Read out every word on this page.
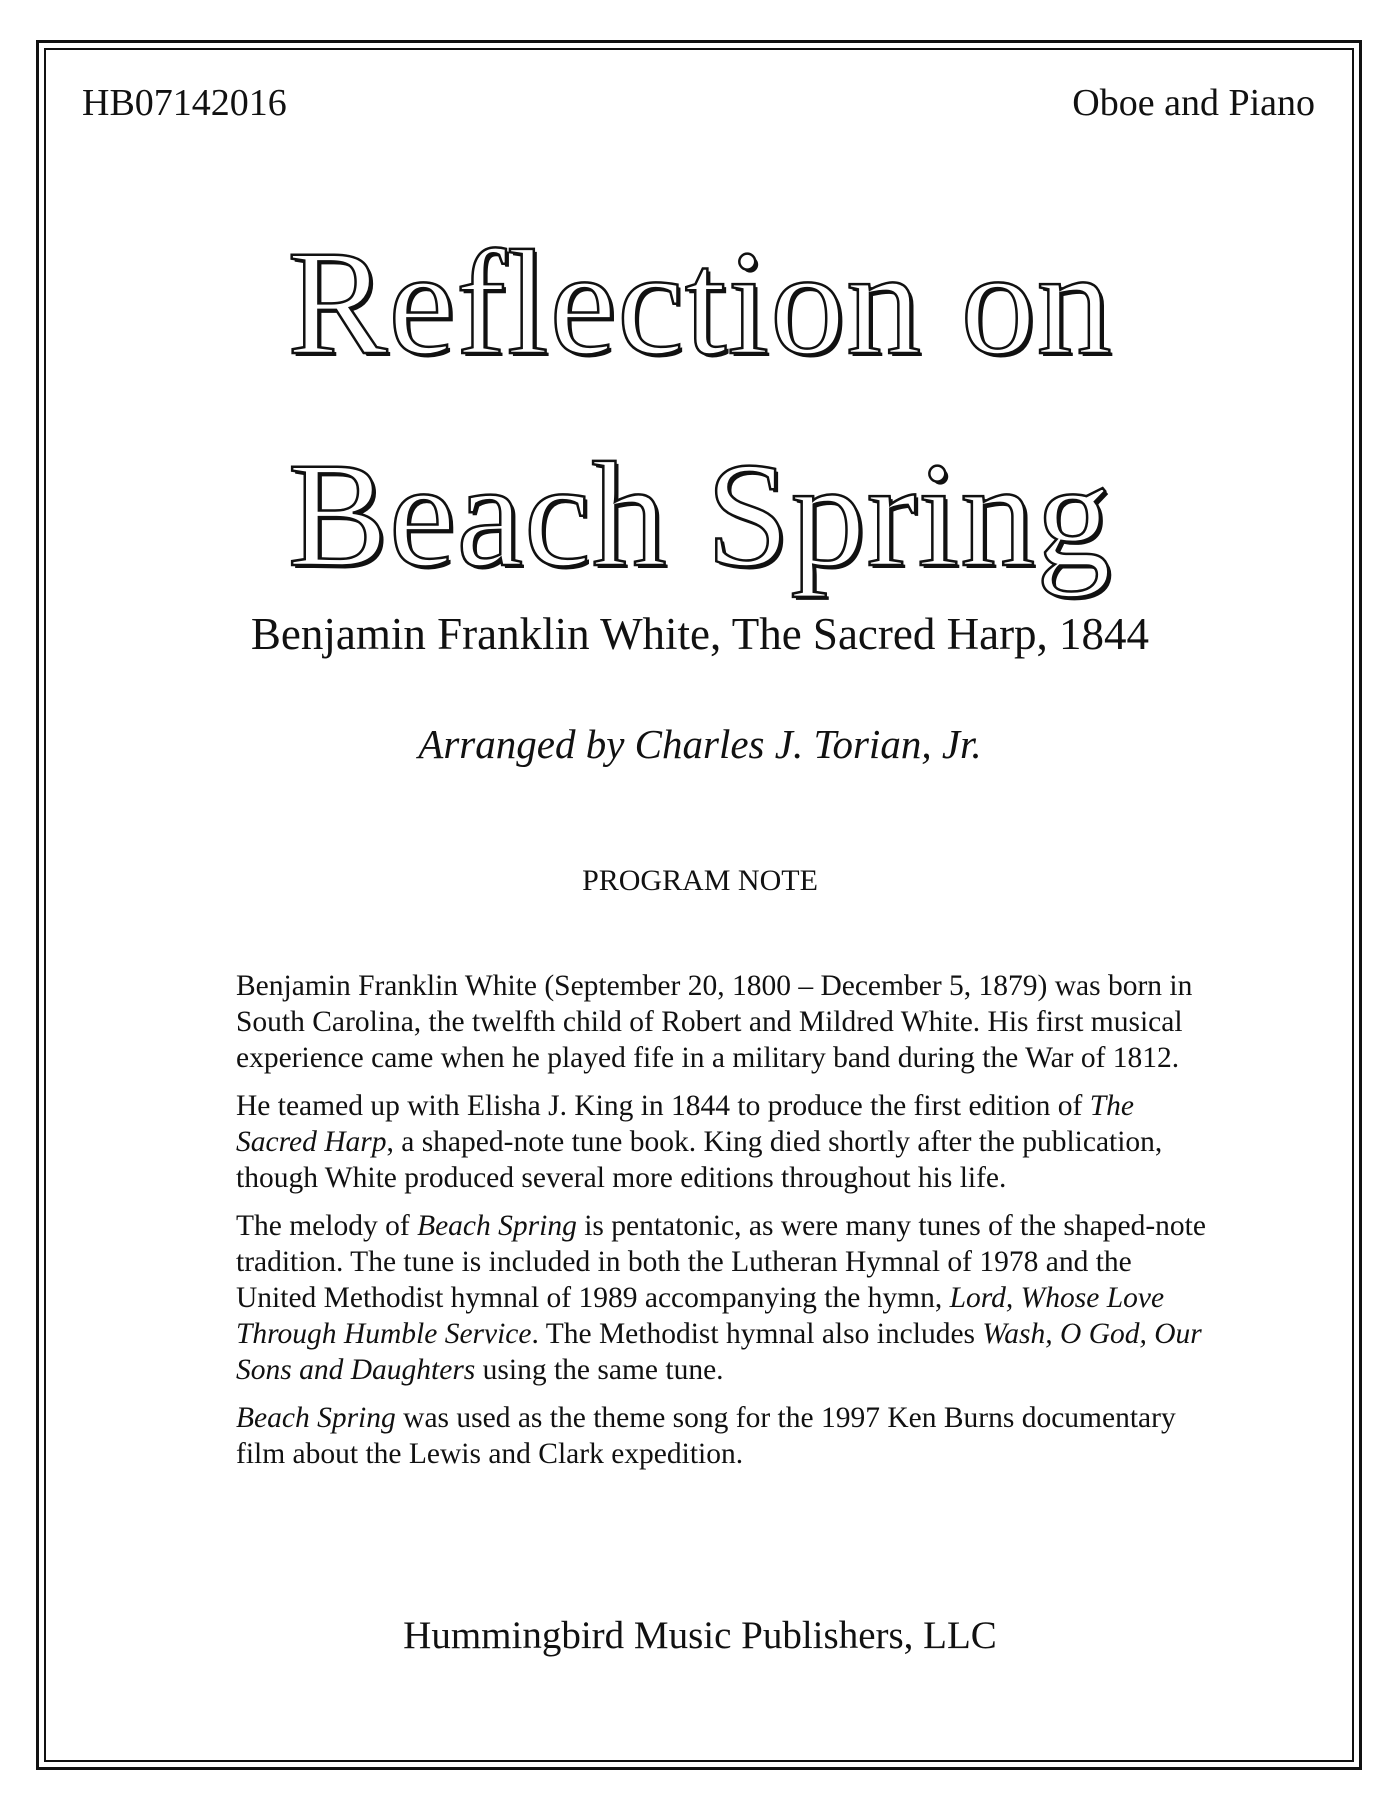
HB07142016	Oboe and Piano
Reflection on
Beach Spring
Benjamin Franklin White, The Sacred Harp, 1844
Arranged by Charles J. Torian, Jr.
PROGRAM NOTE

Benjamin Franklin White (September 20, 1800 – December 5, 1879) was born in South Carolina, the twelfth child of Robert and Mildred White. His first musical experience came when he played fife in a military band during the War of 1812.

He teamed up with Elisha J. King in 1844 to produce the first edition of The Sacred Harp, a shaped-note tune book. King died shortly after the publication, though White produced several more editions throughout his life.

The melody of Beach Spring is pentatonic, as were many tunes of the shaped-note tradition. The tune is included in both the Lutheran Hymnal of 1978 and the United Methodist hymnal of 1989 accompanying the hymn, Lord, Whose Love Through Humble Service. The Methodist hymnal also includes Wash, O God, Our Sons and Daughters using the same tune.

Beach Spring was used as the theme song for the 1997 Ken Burns documentary film about the Lewis and Clark expedition.

Hummingbird Music Publishers, LLC
